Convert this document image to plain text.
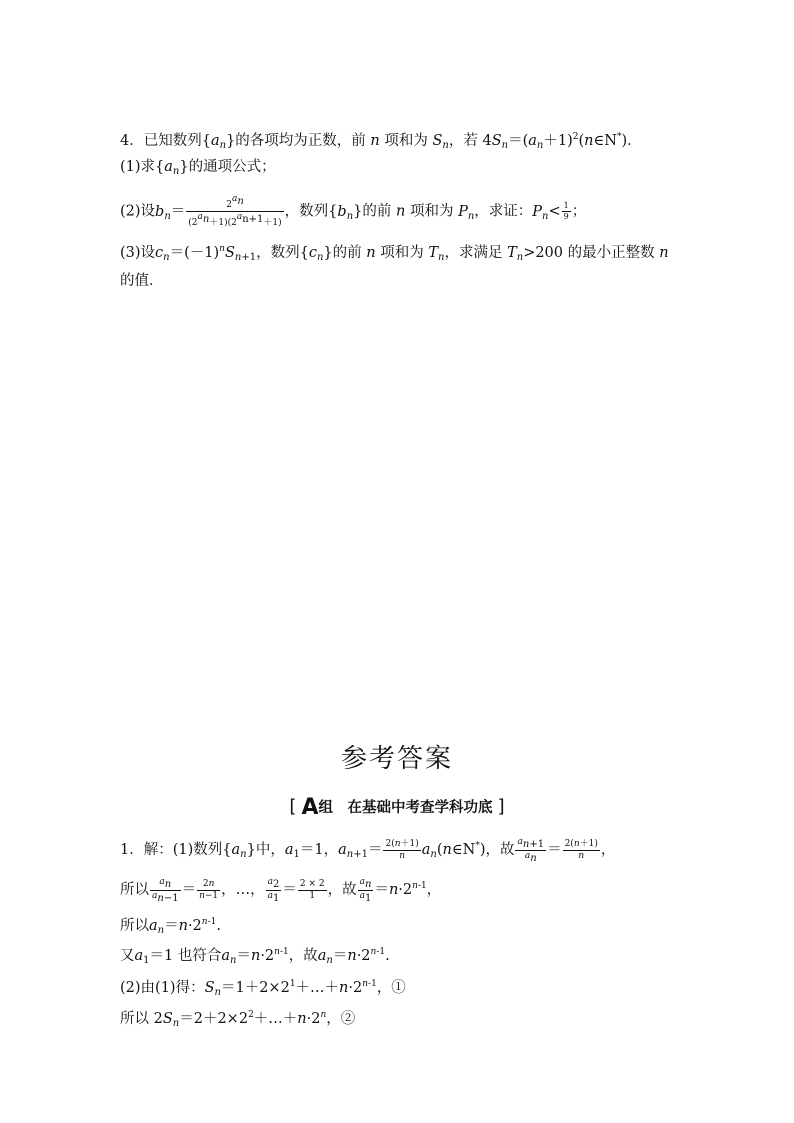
4．已知数列$\{a_n\}$的各项均为正数，前 n 项和为 $S_n$，若 $4S_n=(a_n+1)^2(n\in N^*)$．
(1)求$\{a_n\}$的通项公式；
(2)设$b_n= \frac{2^{a_n}}{(2^{a_n}+1)(2^{a_{n+1}}+1)}$ ，数列$\{b_n\}$的前 n 项和为 $P_n$，求证：$P_n< \frac{1}{9}$ ；
(3)设$c_n=(-1)^nS_{n+1}$，数列$\{c_n\}$的前 n 项和为 $T_n$，求满足 $T_n>200$ 的最小正整数 n
的值．
参考答案
[ A组　在基础中考查学科功底 ]
1．解：(1)数列$\{a_n\}$中，$a_1=1$，$a_{n+1}= \frac{2(n+1)}{n}$ $a_n(n\in N^*)$，故 $\frac{a_{n+1}}{a_n} = \frac{2(n+1)}{n}$ ，
所以 $\frac{a_n}{a_{n-1}} = \frac{2n}{n-1}$ ，…， $\frac{a_2}{a_1} = \frac{2 \times 2}{1}$ ，故 $\frac{a_n}{a_1} =n\cdot 2^{n-1}$，
所以$a_n=n\cdot 2^{n-1}$.
又$a_1=1$ 也符合$a_n=n\cdot 2^{n-1}$，故$a_n=n\cdot 2^{n-1}$.
(2)由(1)得：$S_n=1+2\times 2^1+\dots+n\cdot 2^{n-1}$，①
所以 $2S_n=2+2\times 2^2+\dots+n\cdot 2^n$，②
